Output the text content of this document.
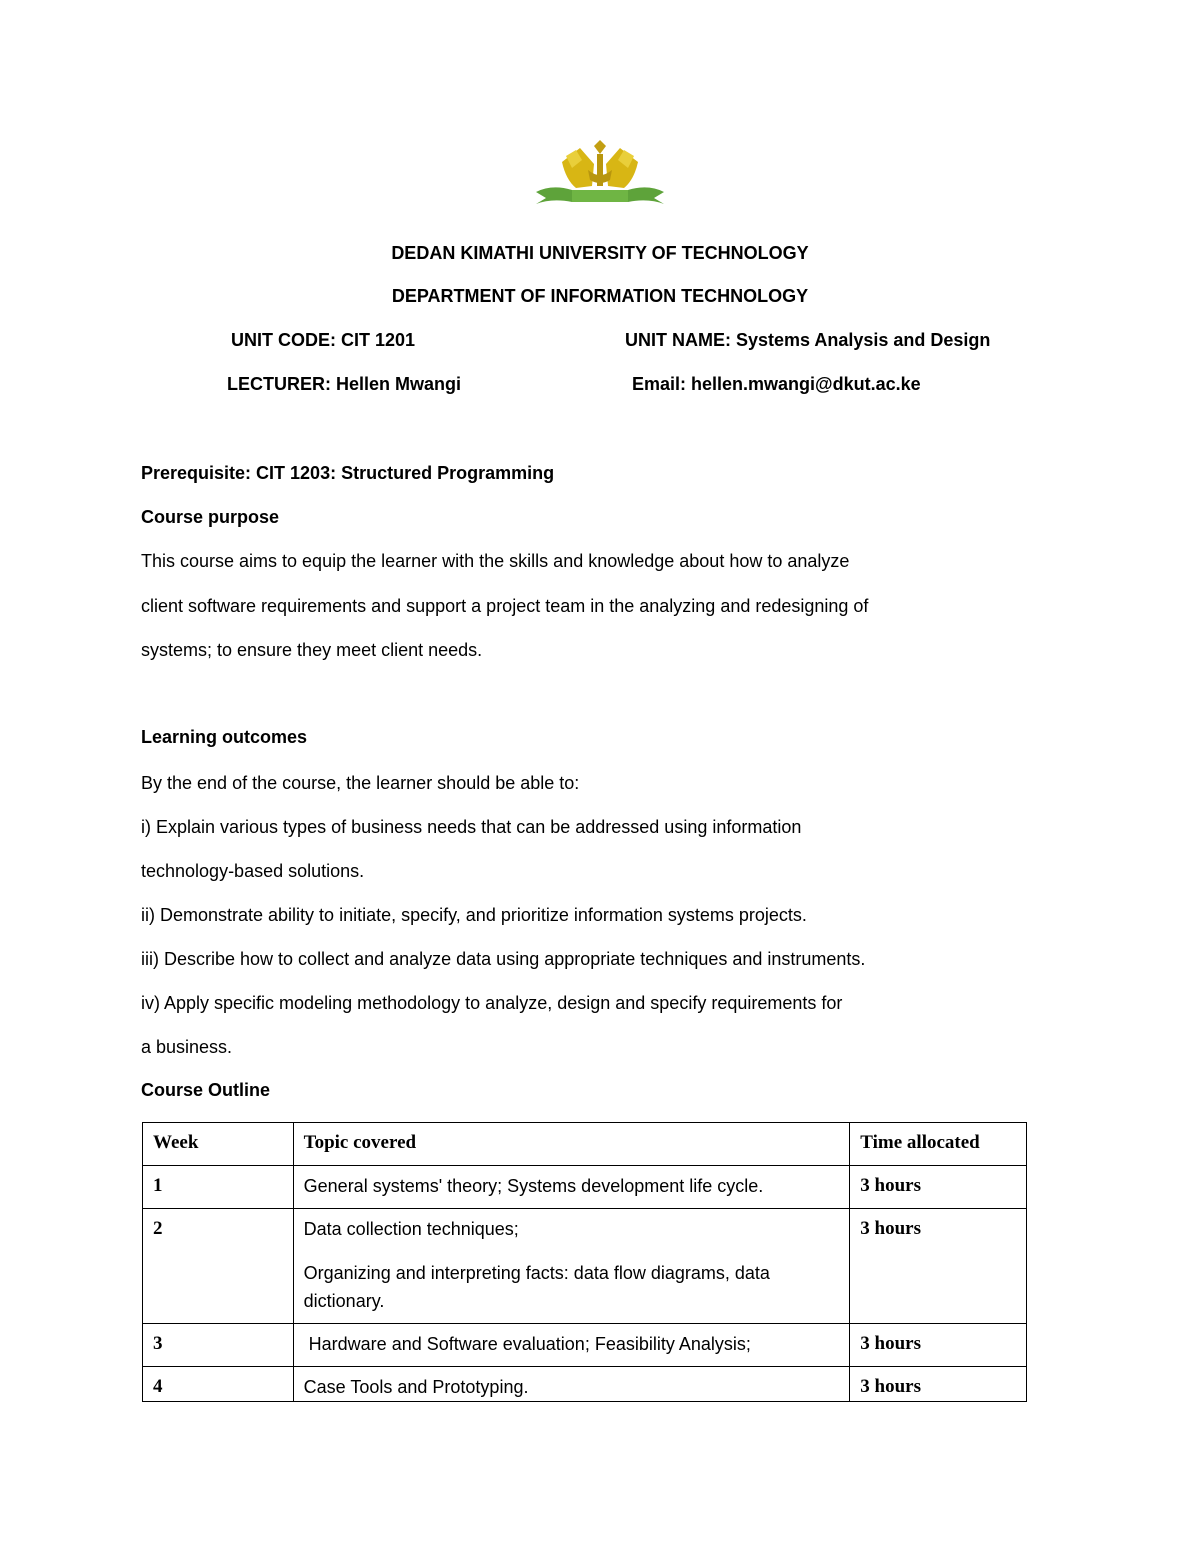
DEDAN KIMATHI UNIVERSITY OF TECHNOLOGY
DEPARTMENT OF INFORMATION TECHNOLOGY
UNIT CODE: CIT 1201	UNIT NAME: Systems Analysis and Design
LECTURER: Hellen Mwangi	Email: hellen.mwangi@dkut.ac.ke
Prerequisite: CIT 1203: Structured Programming
Course purpose
This course aims to equip the learner with the skills and knowledge about how to analyze
client software requirements and support a project team in the analyzing and redesigning of
systems; to ensure they meet client needs.
Learning outcomes
By the end of the course, the learner should be able to:
i) Explain various types of business needs that can be addressed using information
technology-based solutions.
ii) Demonstrate ability to initiate, specify, and prioritize information systems projects.
iii) Describe how to collect and analyze data using appropriate techniques and instruments.
iv) Apply specific modeling methodology to analyze, design and specify requirements for
a business.
Course Outline
Week	Topic covered	Time allocated
1	General systems' theory; Systems development life cycle.	3 hours
2	Data collection techniques;

Organizing and interpreting facts: data flow diagrams, data dictionary.	3 hours
3	Hardware and Software evaluation; Feasibility Analysis;	3 hours
4	Case Tools and Prototyping.	3 hours
